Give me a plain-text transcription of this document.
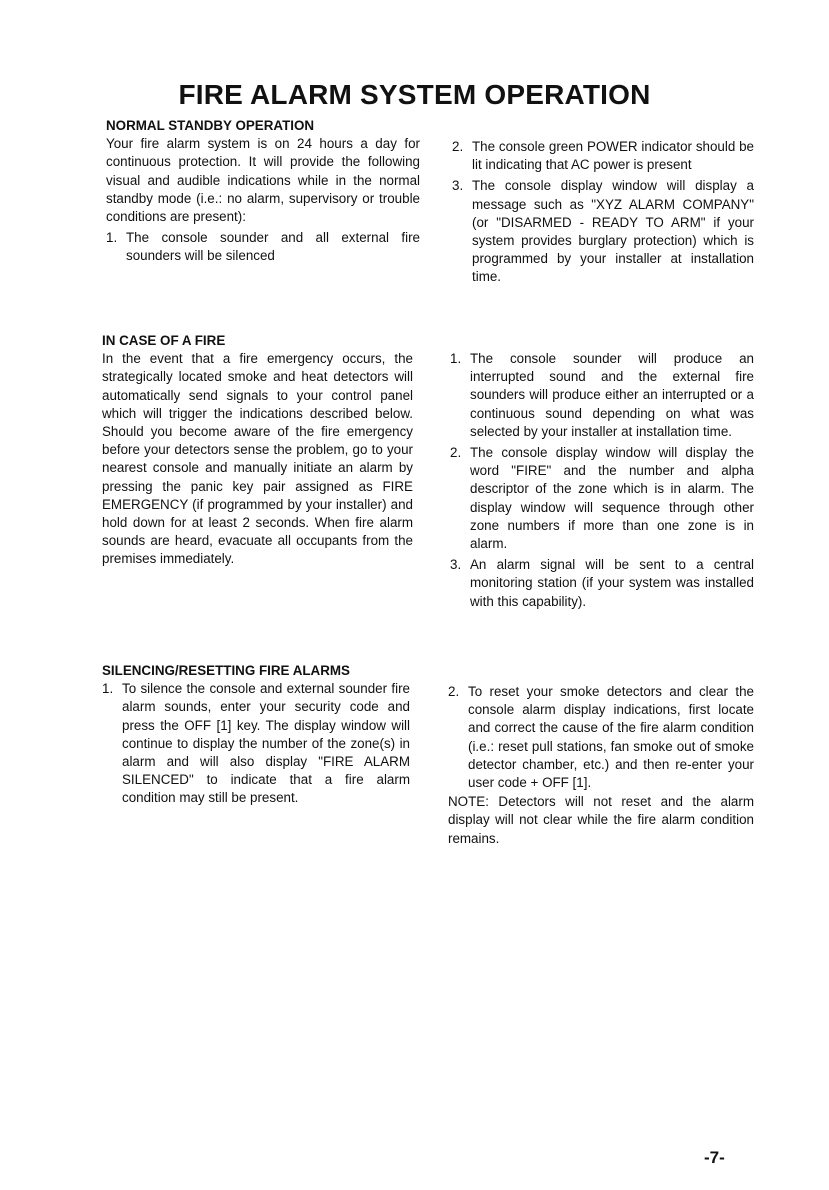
FIRE ALARM SYSTEM OPERATION
NORMAL STANDBY OPERATION
Your fire alarm system is on 24 hours a day for continuous protection. It will provide the following visual and audible indications while in the normal standby mode (i.e.: no alarm, supervisory or trouble conditions are present):
1. The console sounder and all external fire sounders will be silenced
2. The console green POWER indicator should be lit indicating that AC power is present
3. The console display window will display a message such as "XYZ ALARM COMPANY" (or "DISARMED - READY TO ARM" if your system provides burglary protection) which is programmed by your installer at installation time.
IN CASE OF A FIRE
In the event that a fire emergency occurs, the strategically located smoke and heat detectors will automatically send signals to your control panel which will trigger the indications described below. Should you become aware of the fire emergency before your detectors sense the problem, go to your nearest console and manually initiate an alarm by pressing the panic key pair assigned as FIRE EMERGENCY (if programmed by your installer) and hold down for at least 2 seconds. When fire alarm sounds are heard, evacuate all occupants from the premises immediately.
1. The console sounder will produce an interrupted sound and the external fire sounders will produce either an interrupted or a continuous sound depending on what was selected by your installer at installation time.
2. The console display window will display the word "FIRE" and the number and alpha descriptor of the zone which is in alarm. The display window will sequence through other zone numbers if more than one zone is in alarm.
3. An alarm signal will be sent to a central monitoring station (if your system was installed with this capability).
SILENCING/RESETTING FIRE ALARMS
1. To silence the console and external sounder fire alarm sounds, enter your security code and press the OFF [1] key. The display window will continue to display the number of the zone(s) in alarm and will also display "FIRE ALARM SILENCED" to indicate that a fire alarm condition may still be present.
2. To reset your smoke detectors and clear the console alarm display indications, first locate and correct the cause of the fire alarm condition (i.e.: reset pull stations, fan smoke out of smoke detector chamber, etc.) and then re-enter your user code + OFF [1].
NOTE: Detectors will not reset and the alarm display will not clear while the fire alarm condition remains.
-7-
